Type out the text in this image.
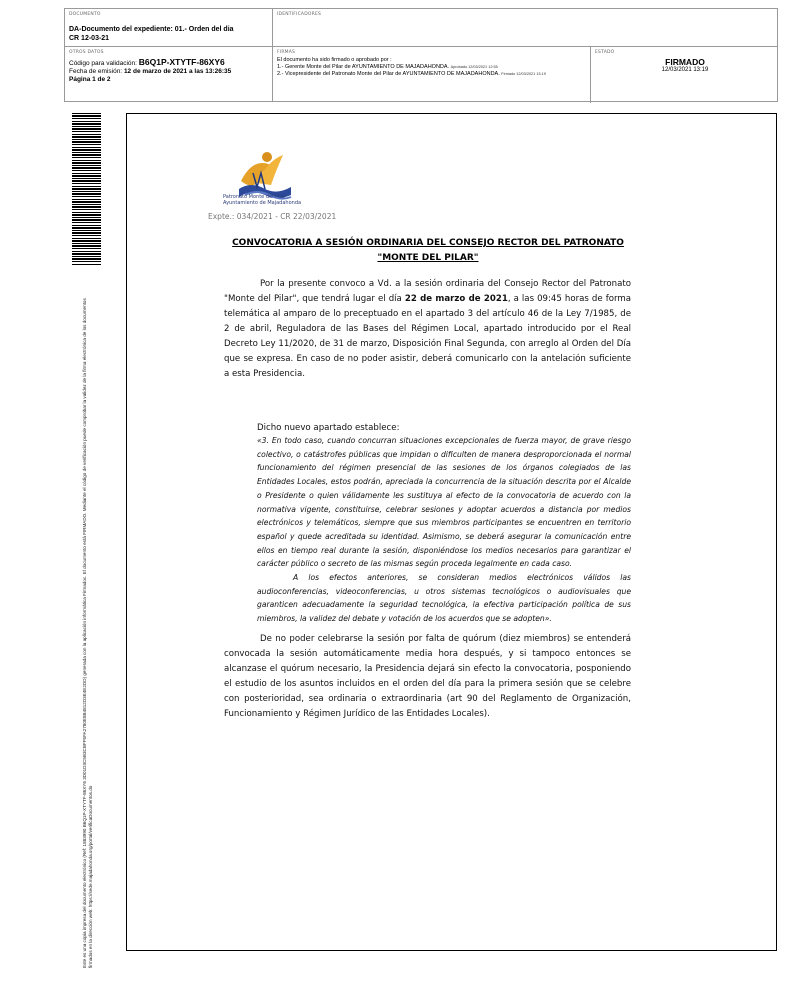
DOCUMENTO
DA-Documento del expediente: 01.- Orden del dia CR 12-03-21
IDENTIFICADORES
OTROS DATOS
Código para validación: B6Q1P-XTYTF-86XY6
Fecha de emisión: 12 de marzo de 2021 a las 13:26:35
Página 1 de 2
FIRMAS
El documento ha sido firmado o aprobado por :
1.- Gerente Monte del Pilar de AYUNTAMIENTO DE MAJADAHONDA. Aprobado 12/03/2021 12:55
2.- Vicepresidente del Patronato Monte del Pilar de AYUNTAMIENTO DE MAJADAHONDA. Firmado 12/03/2021 13:19
ESTADO
FIRMADO
12/03/2021 13:19
Este es una copia impresa del documento electrónico (Ref: 1883990 B6Q1P-XTYTF-86XY6 3D01D3C5B3CBFF5FA2780E8B4812D3E4E2DD) generada con la aplicación informática Firmadoc. El documento está FIRMADO. Mediante el código de verificación puede comprobar la validez de la firma electrónica de los documentos firmados en la dirección web: https://sede.majadahonda.org/portal/verificaDocumentos.do
Patronato Monte del Pilar
Ayuntamiento de Majadahonda
Expte.: 034/2021 - CR 22/03/2021
CONVOCATORIA A SESIÓN ORDINARIA DEL CONSEJO RECTOR DEL PATRONATO "MONTE DEL PILAR"
Por la presente convoco a Vd. a la sesión ordinaria del Consejo Rector del Patronato "Monte del Pilar", que tendrá lugar el día 22 de marzo de 2021, a las 09:45 horas de forma telemática al amparo de lo preceptuado en el apartado 3 del artículo 46 de la Ley 7/1985, de 2 de abril, Reguladora de las Bases del Régimen Local, apartado introducido por el Real Decreto Ley 11/2020, de 31 de marzo, Disposición Final Segunda, con arreglo al Orden del Día que se expresa. En caso de no poder asistir, deberá comunicarlo con la antelación suficiente a esta Presidencia.
Dicho nuevo apartado establece:
«3. En todo caso, cuando concurran situaciones excepcionales de fuerza mayor, de grave riesgo colectivo, o catástrofes públicas que impidan o dificulten de manera desproporcionada el normal funcionamiento del régimen presencial de las sesiones de los órganos colegiados de las Entidades Locales, estos podrán, apreciada la concurrencia de la situación descrita por el Alcalde o Presidente o quien válidamente les sustituya al efecto de la convocatoria de acuerdo con la normativa vigente, constituirse, celebrar sesiones y adoptar acuerdos a distancia por medios electrónicos y telemáticos, siempre que sus miembros participantes se encuentren en territorio español y quede acreditada su identidad. Asimismo, se deberá asegurar la comunicación entre ellos en tiempo real durante la sesión, disponiéndose los medios necesarios para garantizar el carácter público o secreto de las mismas según proceda legalmente en cada caso.
A los efectos anteriores, se consideran medios electrónicos válidos las audioconferencias, videoconferencias, u otros sistemas tecnológicos o audiovisuales que garanticen adecuadamente la seguridad tecnológica, la efectiva participación política de sus miembros, la validez del debate y votación de los acuerdos que se adopten».
De no poder celebrarse la sesión por falta de quórum (diez miembros) se entenderá convocada la sesión automáticamente media hora después, y si tampoco entonces se alcanzase el quórum necesario, la Presidencia dejará sin efecto la convocatoria, posponiendo el estudio de los asuntos incluidos en el orden del día para la primera sesión que se celebre con posterioridad, sea ordinaria o extraordinaria (art 90 del Reglamento de Organización, Funcionamiento y Régimen Jurídico de las Entidades Locales).
